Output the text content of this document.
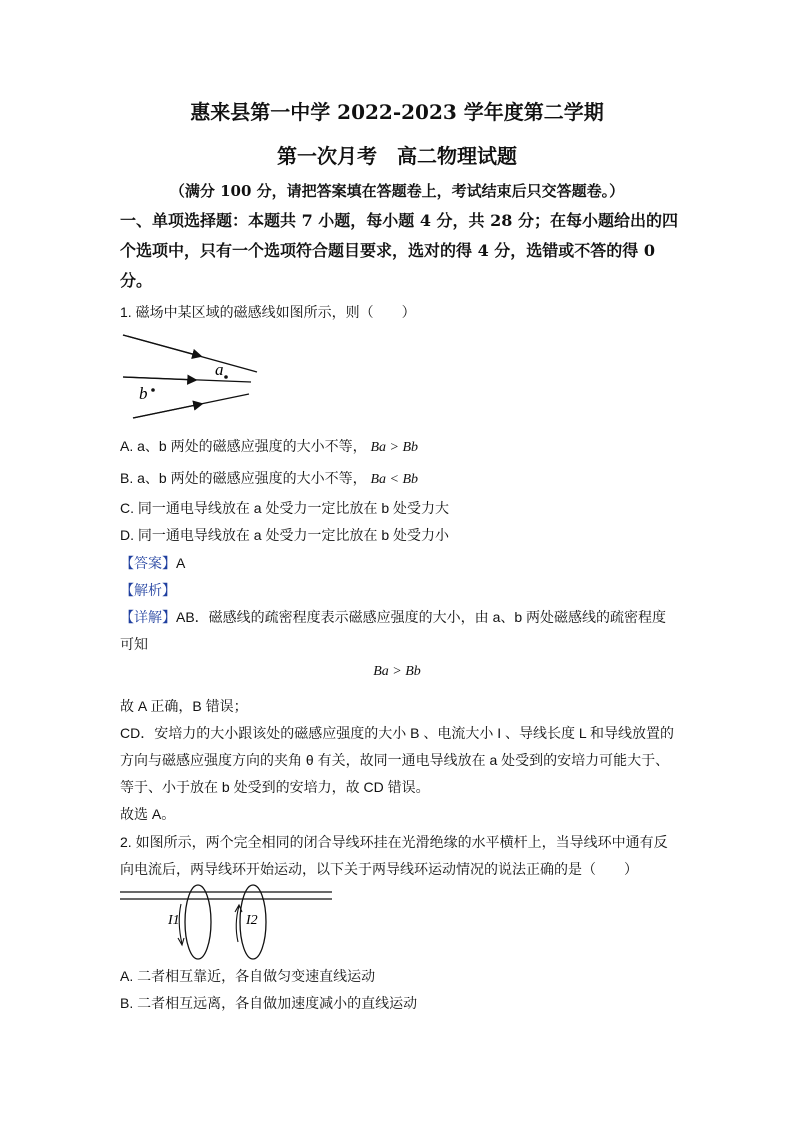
惠来县第一中学 2022-2023 学年度第二学期
第一次月考　高二物理试题
（满分 100 分，请把答案填在答题卷上，考试结束后只交答题卷。）
一、单项选择题：本题共 7 小题，每小题 4 分，共 28 分；在每小题给出的四
个选项中，只有一个选项符合题目要求，选对的得 4 分，选错或不答的得 0
分。
1. 磁场中某区域的磁感线如图所示，则（　　）
a
b
A. a、b 两处的磁感应强度的大小不等， Ba > Bb
B. a、b 两处的磁感应强度的大小不等， Ba < Bb
C. 同一通电导线放在 a 处受力一定比放在 b 处受力大
D. 同一通电导线放在 a 处受力一定比放在 b 处受力小
【答案】A
【解析】
【详解】AB．磁感线的疏密程度表示磁感应强度的大小，由 a、b 两处磁感线的疏密程度
可知
Ba > Bb
故 A 正确，B 错误；
CD．安培力的大小跟该处的磁感应强度的大小 B 、电流大小 I 、导线长度 L 和导线放置的
方向与磁感应强度方向的夹角 θ 有关，故同一通电导线放在 a 处受到的安培力可能大于、
等于、小于放在 b 处受到的安培力，故 CD 错误。
故选 A。
2. 如图所示，两个完全相同的闭合导线环挂在光滑绝缘的水平横杆上，当导线环中通有反
向电流后，两导线环开始运动，以下关于两导线环运动情况的说法正确的是（　　）
I1	I2
A. 二者相互靠近，各自做匀变速直线运动
B. 二者相互远离，各自做加速度减小的直线运动
